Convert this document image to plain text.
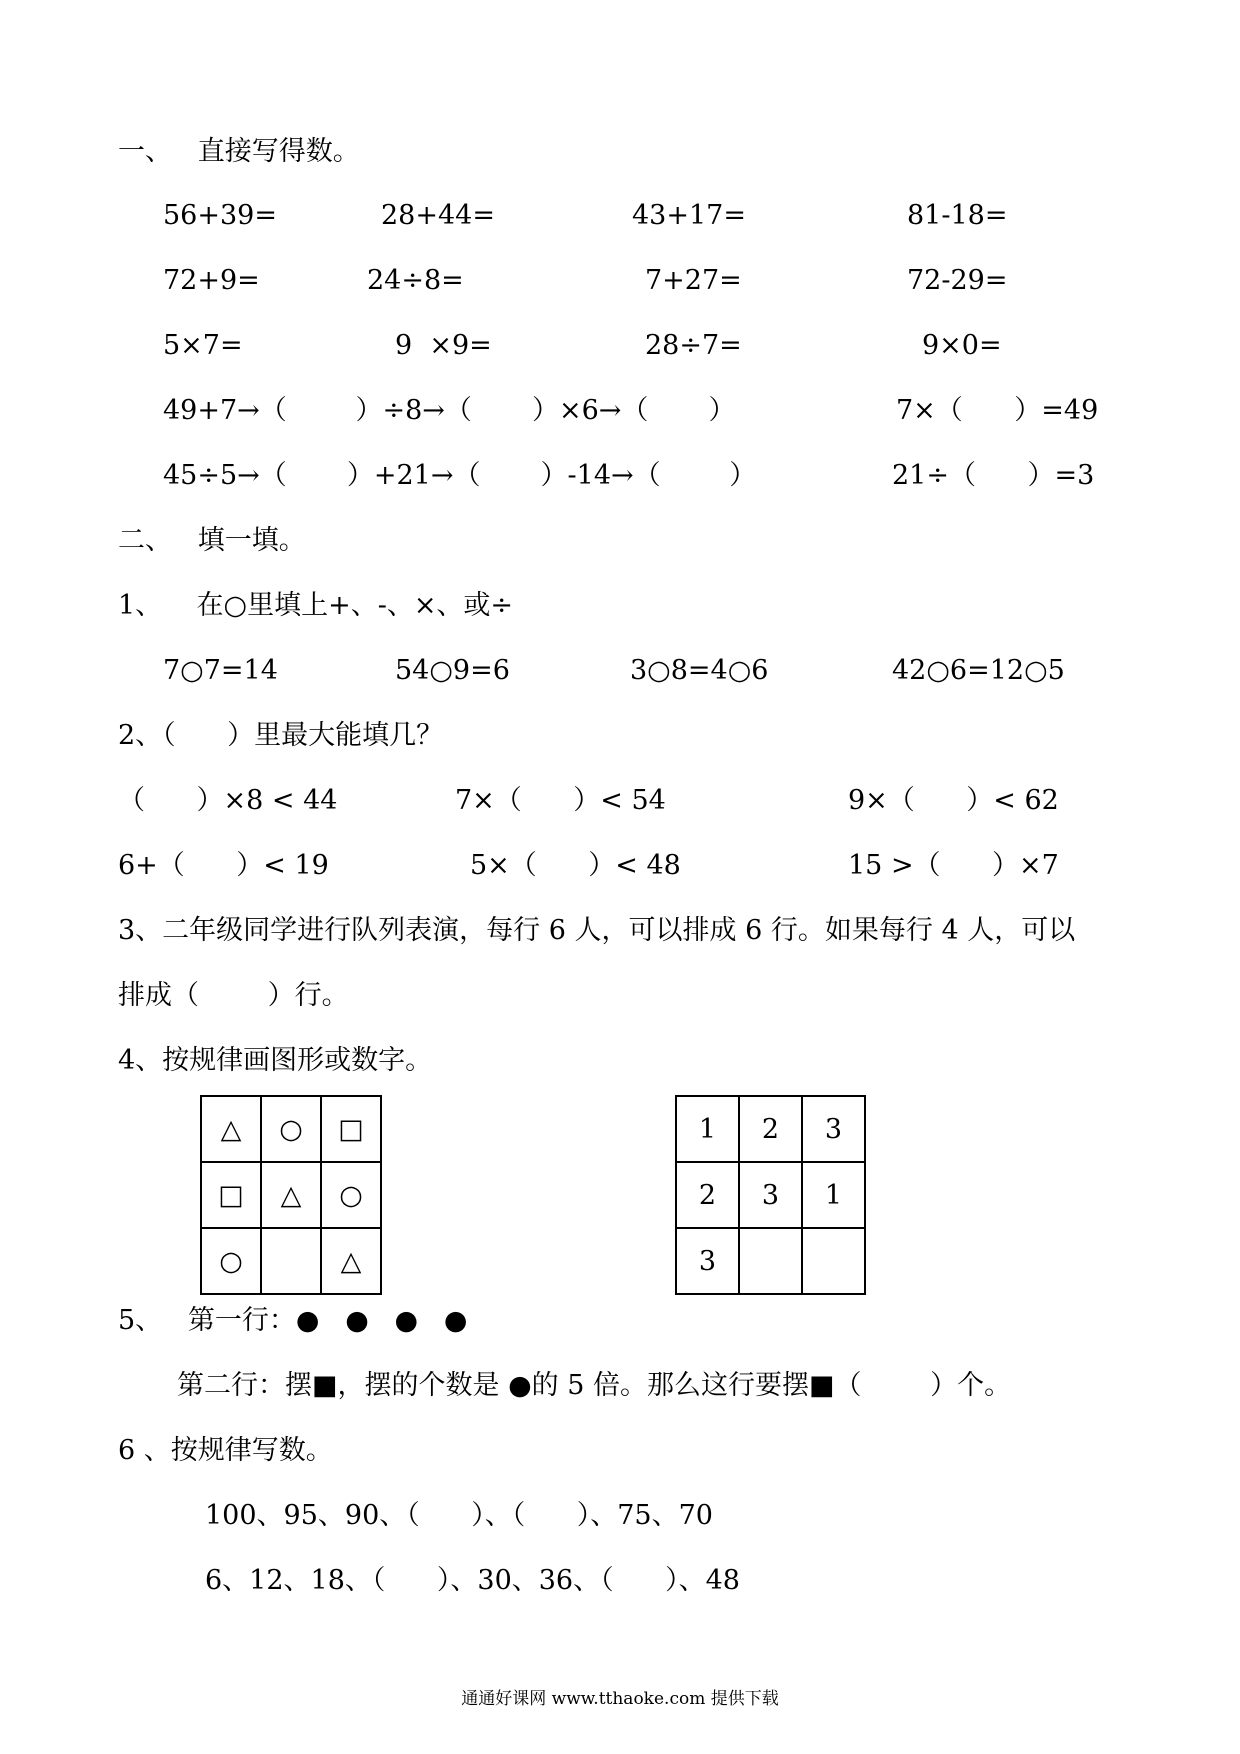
一、   直接写得数。
56+39=	28+44=	43+17=	81-18=
72+9=	24÷8=	7+27=	72-29=
5×7=	9  ×9=	28÷7=	9×0=
49+7→（        ）÷8→（       ）×6→（       ）	7×（      ）=49
45÷5→（       ）+21→（       ）-14→（        ）	21÷（      ）=3
二、   填一填。
1、    在○里填上+、-、×、或÷
7○7=14	54○9=6	3○8=4○6	42○6=12○5
2、（      ）里最大能填几？
（      ）×8 < 44	7×（      ）< 54	9×（      ）< 62
6+（      ）< 19	5×（      ）< 48	15 >（      ）×7
3、二年级同学进行队列表演，每行 6 人，可以排成 6 行。如果每行 4 人，可以
排成（        ）行。
4、按规律画图形或数字。
△	○	□
□	△	○
○		△
1	2	3
2	3	1
3		
5、   第一行：●   ●   ●   ●
第二行：摆■，摆的个数是 ●的 5 倍。那么这行要摆■（        ）个。
6 、按规律写数。
100、95、90、（      ）、（      ）、75、70
6、12、18、（      ）、30、36、（      ）、48
通通好课网 www.tthaoke.com 提供下载
